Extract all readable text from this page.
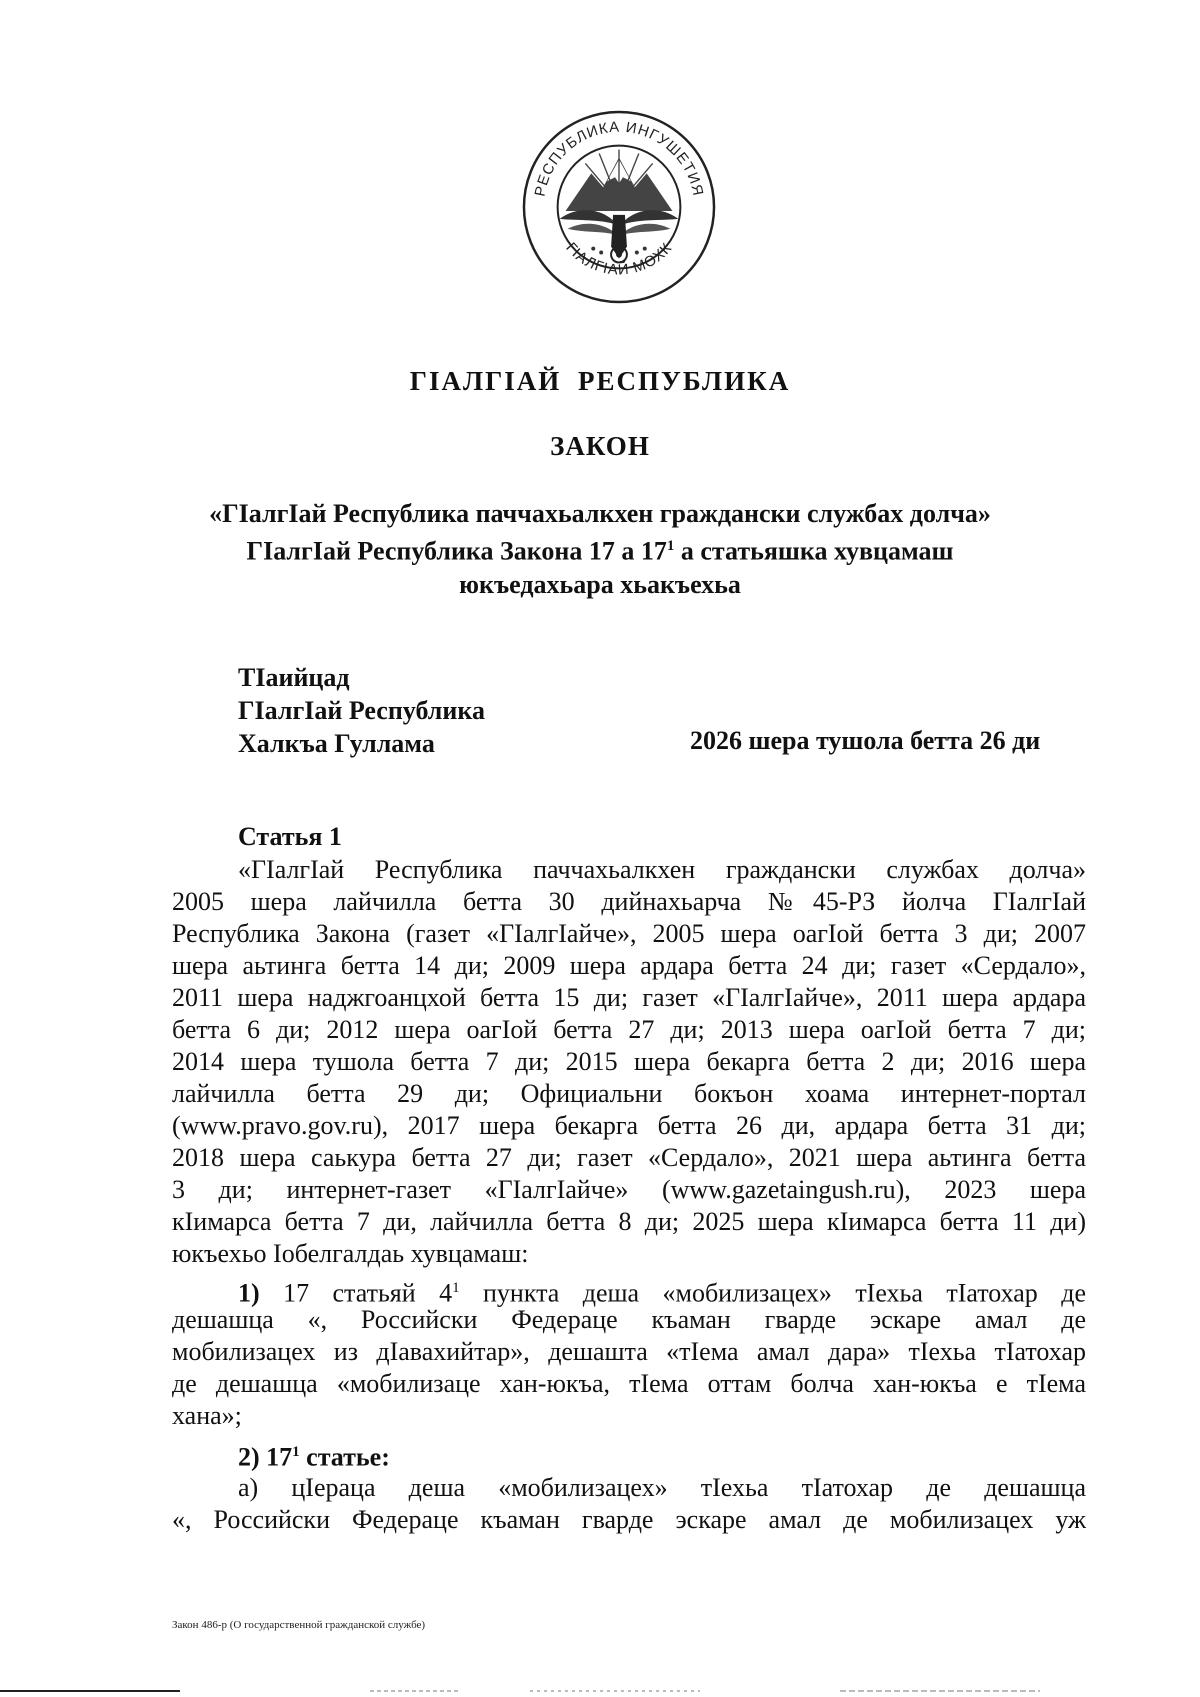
РЕСПУБЛИКА ИНГУШЕТИЯ
ГIАЛГIАЙ МОХК
ГIАЛГIАЙ РЕСПУБЛИКА
ЗАКОН
«ГIалгIай Республика паччахьалкхен граждански службах долча»
ГIалгIай Республика Закона 17 а $17^1$ а статьяшка хувцамаш
юкъедахьара хьакъехьа
ТIаийцад
ГIалгIай Республика
Халкъа Гуллама	2026 шера тушола бетта 26 ди
Статья 1
«ГIалгIай Республика паччахьалкхен граждански службах долча»
2005 шера лайчилла бетта 30 дийнахьарча №45-РЗ йолча ГIалгIай
Республика Закона (газет «ГIалгIайче», 2005 шера оагIой бетта 3 ди; 2007
шера аьтинга бетта 14 ди; 2009 шера ардара бетта 24 ди; газет «Сердало»,
2011 шера наджгоанцхой бетта 15 ди; газет «ГIалгIайче», 2011 шера ардара
бетта 6 ди; 2012 шера оагIой бетта 27 ди; 2013 шера оагIой бетта 7 ди;
2014 шера тушола бетта 7 ди; 2015 шера бекарга бетта 2 ди; 2016 шера
лайчилла бетта 29 ди; Официальни бокъон хоама интернет-портал
(www.pravo.gov.ru), 2017 шера бекарга бетта 26 ди, ардара бетта 31 ди;
2018 шера саькура бетта 27 ди; газет «Сердало», 2021 шера аьтинга бетта
3 ди; интернет-газет «ГIалгIайче» (www.gazetaingush.ru), 2023 шера
кIимарса бетта 7 ди, лайчилла бетта 8 ди; 2025 шера кIимарса бетта 11 ди)
юкъехьо Iобелгалдаь хувцамаш:
1) 17 статьяй $4^1$ пункта деша «мобилизацех» тIехьа тIатохар де
дешашца «, Российски Федераце къаман гварде эскаре амал де
мобилизацех из дIавахийтар», дешашта «тIема амал дара» тIехьа тIатохар
де дешашца «мобилизаце хан-юкъа, тIема оттам болча хан-юкъа е тIема
хана»;
2) $17^1$ статье:
а) цIераца деша «мобилизацех» тIехьа тIатохар де дешашца
«, Российски Федераце къаман гварде эскаре амал де мобилизацех уж
Закон 486-р (О государственной гражданской службе)
